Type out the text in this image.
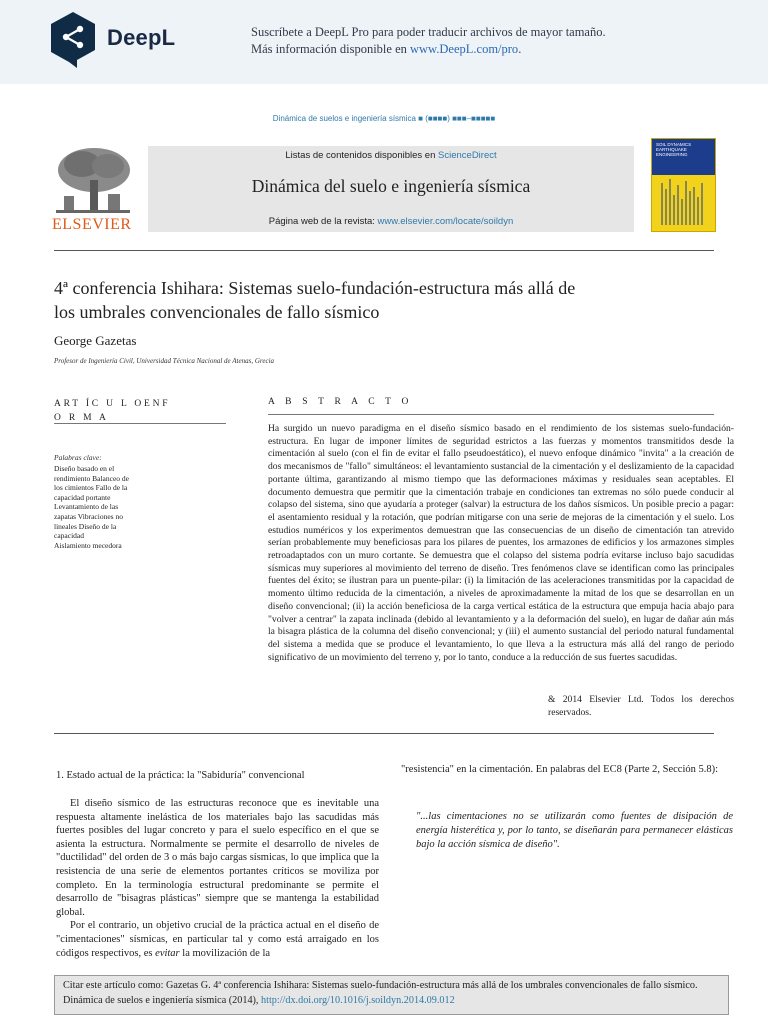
DeepL	Suscríbete a DeepL Pro para poder traducir archivos de mayor tamaño.
Más información disponible en www.DeepL.com/pro.
Dinámica de suelos e ingeniería sísmica ■ (■■■■) ■■■–■■■■■
ELSEVIER
Listas de contenidos disponibles en ScienceDirect
Dinámica del suelo e ingeniería sísmica
Página web de la revista: www.elsevier.com/locate/soildyn
SOIL DYNAMICS EARTHQUAKE ENGINEERING
4ª conferencia Ishihara: Sistemas suelo-fundación-estructura más allá de
los umbrales convencionales de fallo sísmico
George Gazetas
Profesor de Ingeniería Civil, Universidad Técnica Nacional de Atenas, Grecia
ART ÍC U L OENF
O R M A
Palabras clave:
Diseño basado en el
rendimiento Balanceo de
los cimientos Fallo de la
capacidad portante
Levantamiento de las
zapatas Vibraciones no
lineales Diseño de la
capacidad
Aislamiento mecedora
A B S T R A C T O
Ha surgido un nuevo paradigma en el diseño sísmico basado en el rendimiento de los sistemas suelo-fundación-estructura. En lugar de imponer límites de seguridad estrictos a las fuerzas y momentos transmitidos desde la cimentación al suelo (con el fin de evitar el fallo pseudoestático), el nuevo enfoque dinámico "invita" a la creación de dos mecanismos de "fallo" simultáneos: el levantamiento sustancial de la cimentación y el deslizamiento de la capacidad portante última, garantizando al mismo tiempo que las deformaciones máximas y residuales sean aceptables. El documento demuestra que permitir que la cimentación trabaje en condiciones tan extremas no sólo puede conducir al colapso del sistema, sino que ayudaría a proteger (salvar) la estructura de los daños sísmicos. Un posible precio a pagar: el asentamiento residual y la rotación, que podrían mitigarse con una serie de mejoras de la cimentación y el suelo. Los estudios numéricos y los experimentos demuestran que las consecuencias de un diseño de cimentación tan atrevido serían probablemente muy beneficiosas para los pilares de puentes, los armazones de edificios y los armazones simples retroadaptados con un muro cortante. Se demuestra que el colapso del sistema podría evitarse incluso bajo sacudidas sísmicas muy superiores al movimiento del terreno de diseño. Tres fenómenos clave se identifican como las principales fuentes del éxito; se ilustran para un puente-pilar: (i) la limitación de las aceleraciones transmitidas por la capacidad de momento último reducida de la cimentación, a niveles de aproximadamente la mitad de los que se desarrollan en un diseño convencional; (ii) la acción beneficiosa de la carga vertical estática de la estructura que empuja hacia abajo para "volver a centrar" la zapata inclinada (debido al levantamiento y a la deformación del suelo), en lugar de dañar aún más la bisagra plástica de la columna del diseño convencional; y (iii) el aumento sustancial del periodo natural fundamental del sistema a medida que se produce el levantamiento, lo que lleva a la estructura más allá del rango de periodo significativo de un movimiento del terreno y, por lo tanto, conduce a la reducción de sus fuertes sacudidas.
& 2014 Elsevier Ltd. Todos los derechos reservados.
1. Estado actual de la práctica: la "Sabiduría" convencional

El diseño sísmico de las estructuras reconoce que es inevitable una respuesta altamente inelástica de los materiales bajo las sacudidas más fuertes posibles del lugar concreto y para el suelo específico en el que se asienta la estructura. Normalmente se permite el desarrollo de niveles de "ductilidad" del orden de 3 o más bajo cargas sísmicas, lo que implica que la resistencia de una serie de elementos portantes críticos se moviliza por completo. En la terminología estructural predominante se permite el desarrollo de "bisagras plásticas" siempre que se mantenga la estabilidad global.

Por el contrario, un objetivo crucial de la práctica actual en el diseño de "cimentaciones" sísmicas, en particular tal y como está arraigado en los códigos respectivos, es evitar la movilización de la

"resistencia" en la cimentación. En palabras del EC8 (Parte 2, Sección 5.8):
"...las cimentaciones no se utilizarán como fuentes de disipación de energía histerética y, por lo tanto, se diseñarán para permanecer elásticas bajo la acción sísmica de diseño".
Citar este artículo como: Gazetas G. 4ª conferencia Ishihara: Sistemas suelo-fundación-estructura más allá de los umbrales convencionales de fallo sísmico. Dinámica de suelos e ingeniería sísmica (2014), http://dx.doi.org/10.1016/j.soildyn.2014.09.012
